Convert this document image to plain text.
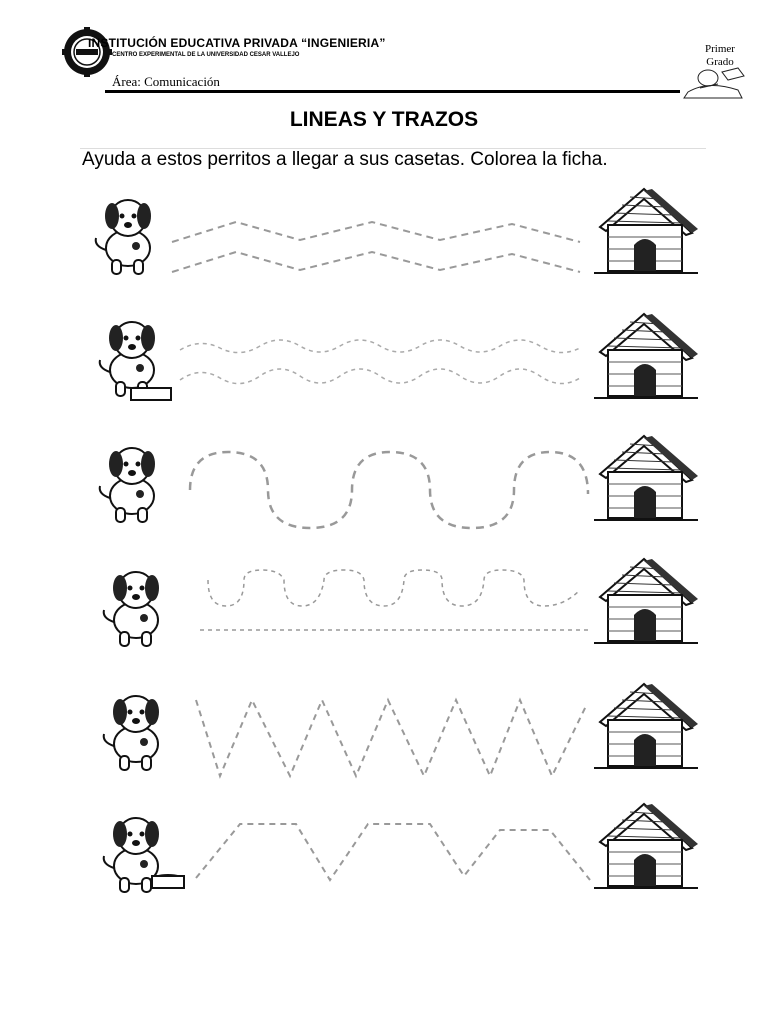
INSTITUCIÓN EDUCATIVA PRIVADA “INGENIERIA”
CENTRO EXPERIMENTAL DE LA UNIVERSIDAD CESAR VALLEJO
Área: Comunicación
Primer
Grado
LINEAS Y TRAZOS
Ayuda a estos perritos a llegar a sus casetas. Colorea la ficha.
